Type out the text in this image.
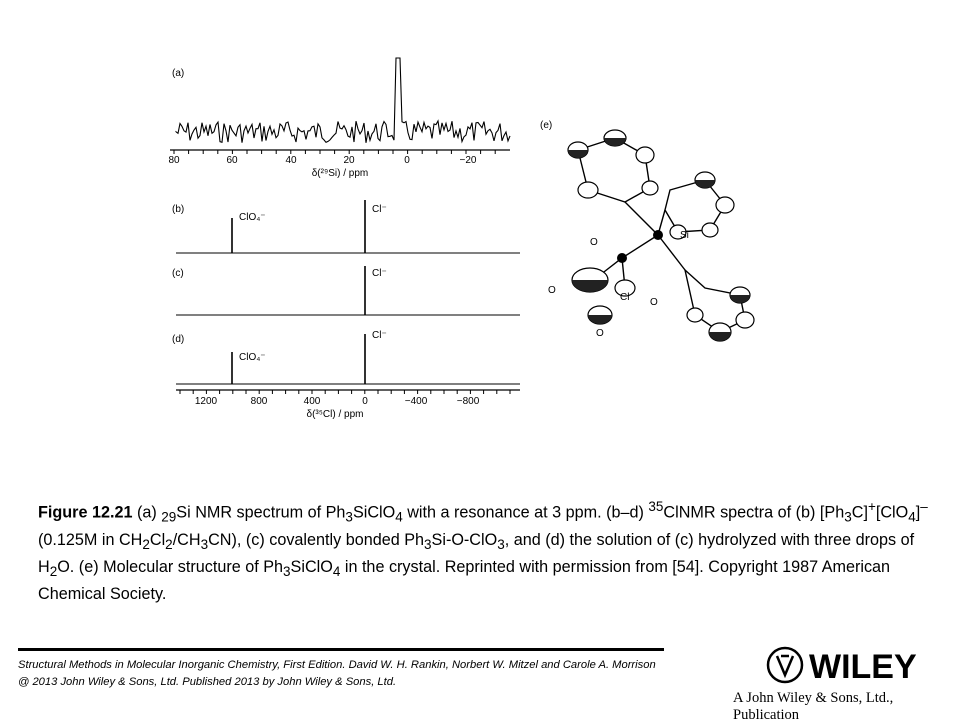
(a)
80	60	40	20	0	−20
δ(²⁹Si) / ppm
(b)
ClO₄⁻
Cl⁻
(c)	Cl⁻
(d)
ClO₄⁻
Cl⁻
1200	800	400	0	−400	−800
δ(³⁵Cl) / ppm
(e)
Si
O
O
O
Cl
O
Figure 12.21 (a) $_{29}$Si NMR spectrum of $Ph_3SiClO_4$ with a resonance at 3 ppm. (b–d) $^{35}$ClNMR spectra of (b) $[Ph_3C]^+[ClO_4]^-$ (0.125M in $CH_2Cl_2/CH_3CN$), (c) covalently bonded $Ph_3Si-O-ClO_3$, and (d) the solution of (c) hydrolyzed with three drops of $H_2O$. (e) Molecular structure of $Ph_3SiClO_4$ in the crystal. Reprinted with permission from [54]. Copyright 1987 American Chemical Society.
Structural Methods in Molecular Inorganic Chemistry, First Edition. David W. H. Rankin, Norbert W. Mitzel and Carole A. Morrison
@ 2013 John Wiley & Sons, Ltd. Published 2013 by John Wiley & Sons, Ltd.	WILEY
A John Wiley & Sons, Ltd., Publication
